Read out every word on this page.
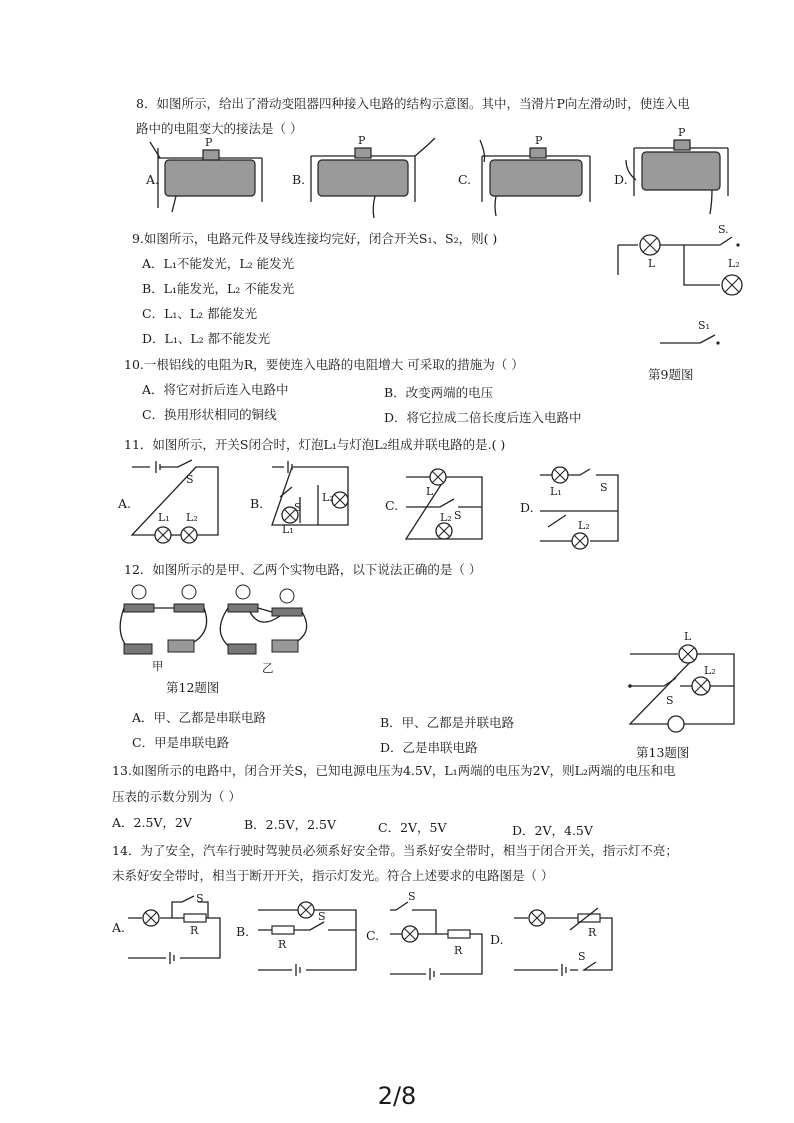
8．如图所示，给出了滑动变阻器四种接入电路的结构示意图。其中，当滑片P向左滑动时，使连入电
路中的电阻变大的接法是（ ）
P	P	P
P
A.	B.	C.	D.
9.如图所示，电路元件及导线连接均完好，闭合开关S₁、S₂，则( )
A．L₁不能发光，L₂ 能发光
B．L₁能发光，L₂ 不能发光
C．L₁、L₂ 都能发光
D．L₁、L₂ 都不能发光
L	L₂
S.
S₁
第9题图
10.一根铝线的电阻为R，要使连入电路的电阻增大 可采取的措施为（ ）
A．将它对折后连入电路中	B．改变两端的电压
C．换用形状相同的铜线	D．将它拉成二倍长度后连入电路中
11．如图所示，开关S闭合时，灯泡L₁与灯泡L₂组成并联电路的是.( )
S
L₁ L₂
S
L₁
L₂	L
S
L₂
L₁	S
L₂
A.	B.	C.	D.
12．如图所示的是甲、乙两个实物电路，以下说法正确的是（ ）
甲	乙
第12题图
A．甲、乙都是串联电路	B．甲、乙都是并联电路
C．甲是串联电路	D．乙是串联电路
L
L₂
S
第13题图
13.如图所示的电路中，闭合开关S，已知电源电压为4.5V，L₁两端的电压为2V，则L₂两端的电压和电
压表的示数分别为（ ）
A．2.5V，2V	B．2.5V，2.5V	C．2V，5V	D．2V，4.5V
14．为了安全，汽车行驶时驾驶员必须系好安全带。当系好安全带时，相当于闭合开关，指示灯不亮；
未系好安全带时，相当于断开开关，指示灯发光。符合上述要求的电路图是（ ）
S
R
R
S
S
R
R
S
A.	B.	C.	D.
2/8
